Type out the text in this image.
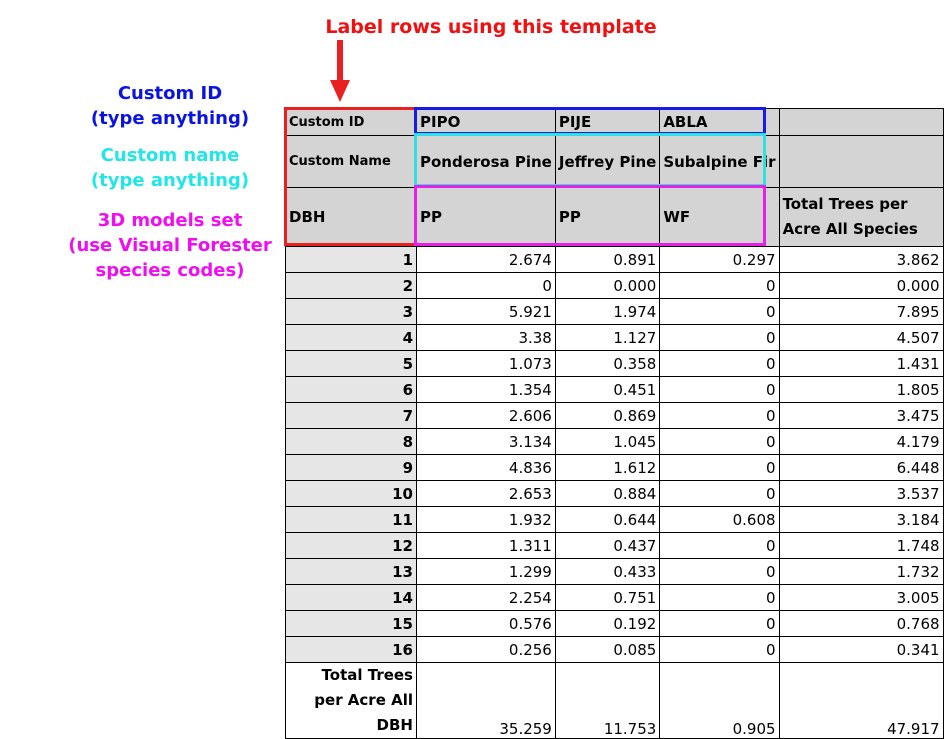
Label rows using this template
Custom ID
(type anything)
Custom name
(type anything)
3D models set
(use Visual Forester
species codes)
Custom ID	PIPO	PIJE	ABLA	
Custom Name	Ponderosa Pine	Jeffrey Pine	Subalpine Fir	
DBH	PP	PP	WF	Total Trees per Acre All Species
1	2.674	0.891	0.297	3.862
2	0	0.000	0	0.000
3	5.921	1.974	0	7.895
4	3.38	1.127	0	4.507
5	1.073	0.358	0	1.431
6	1.354	0.451	0	1.805
7	2.606	0.869	0	3.475
8	3.134	1.045	0	4.179
9	4.836	1.612	0	6.448
10	2.653	0.884	0	3.537
11	1.932	0.644	0.608	3.184
12	1.311	0.437	0	1.748
13	1.299	0.433	0	1.732
14	2.254	0.751	0	3.005
15	0.576	0.192	0	0.768
16	0.256	0.085	0	0.341
Total Trees per Acre All DBH	35.259	11.753	0.905	47.917
